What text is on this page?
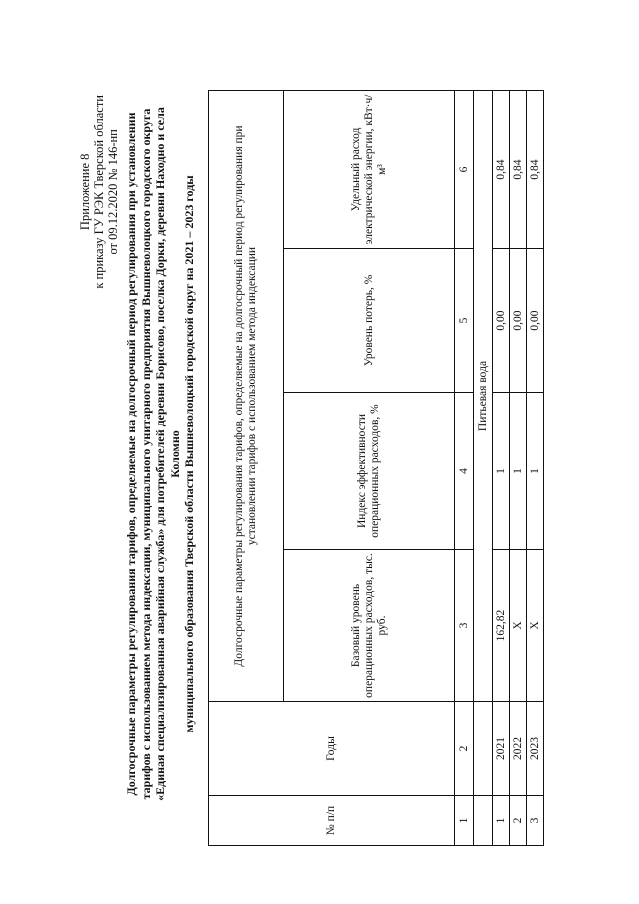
Приложение 8 к приказу ГУ РЭК Тверской области от 09.12.2020 № 146-нп Долгосрочные параметры регулирования тарифов, определяемые на долгосрочный период регулирования при установлении тарифов с использованием метода индексации, муниципального унитарного предприятия Вышневолоцкого городского округа «Единая специализированная аварийная служба» для потребителей деревни Борисово, поселка Дорки, деревни Находно и села Коломно муниципального образования Тверской области Вышневолоцкий городской округ на 2021 – 2023 годы
№ п/п	Годы	Долгосрочные параметры регулирования тарифов, определяемые на долгосрочный период регулирования при установлении тарифов с использованием метода индексации			
		Базовый уровень операционных расходов, тыс. руб.	Индекс эффективности операционных расходов, %	Уровень потерь, %	Удельный расход электрической энергии, кВт·ч/м³
1	2	3	4	5	6
		Питьевая вода			
1	2021	162,82	1	0,00	0,84
2	2022	Х	1	0,00	0,84
3	2023	Х	1	0,00	0,84
